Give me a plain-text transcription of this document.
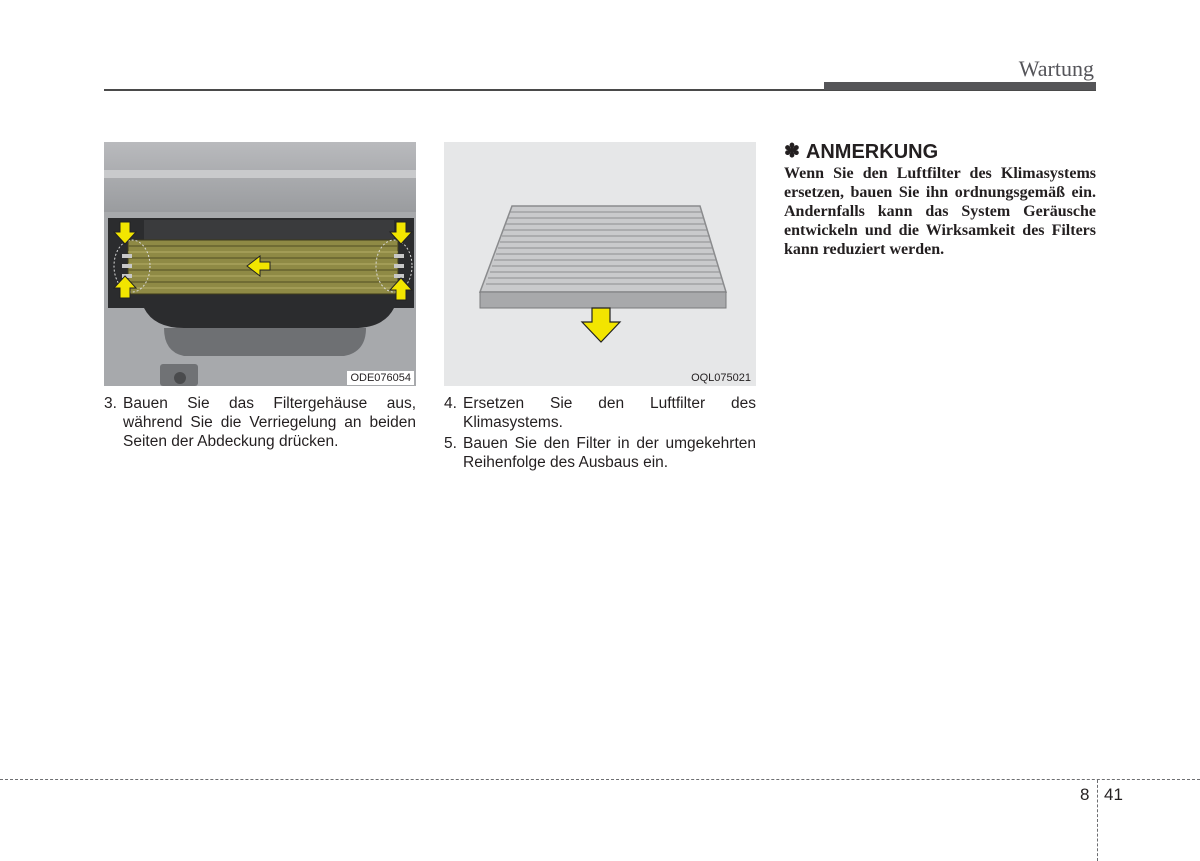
Wartung
ODE076054	OQL075021
3. Bauen Sie das Filtergehäuse aus, während Sie die Verriegelung an beiden Seiten der Abdeckung drücken.
4. Ersetzen Sie den Luftfilter des Klimasystems.
5. Bauen Sie den Filter in der umgekehrten Reihenfolge des Ausbaus ein.
✽ ANMERKUNG
Wenn Sie den Luftfilter des Klimasystems ersetzen, bauen Sie ihn ordnungsgemäß ein. Andernfalls kann das System Geräusche entwickeln und die Wirksamkeit des Filters kann reduziert werden.
8 41
